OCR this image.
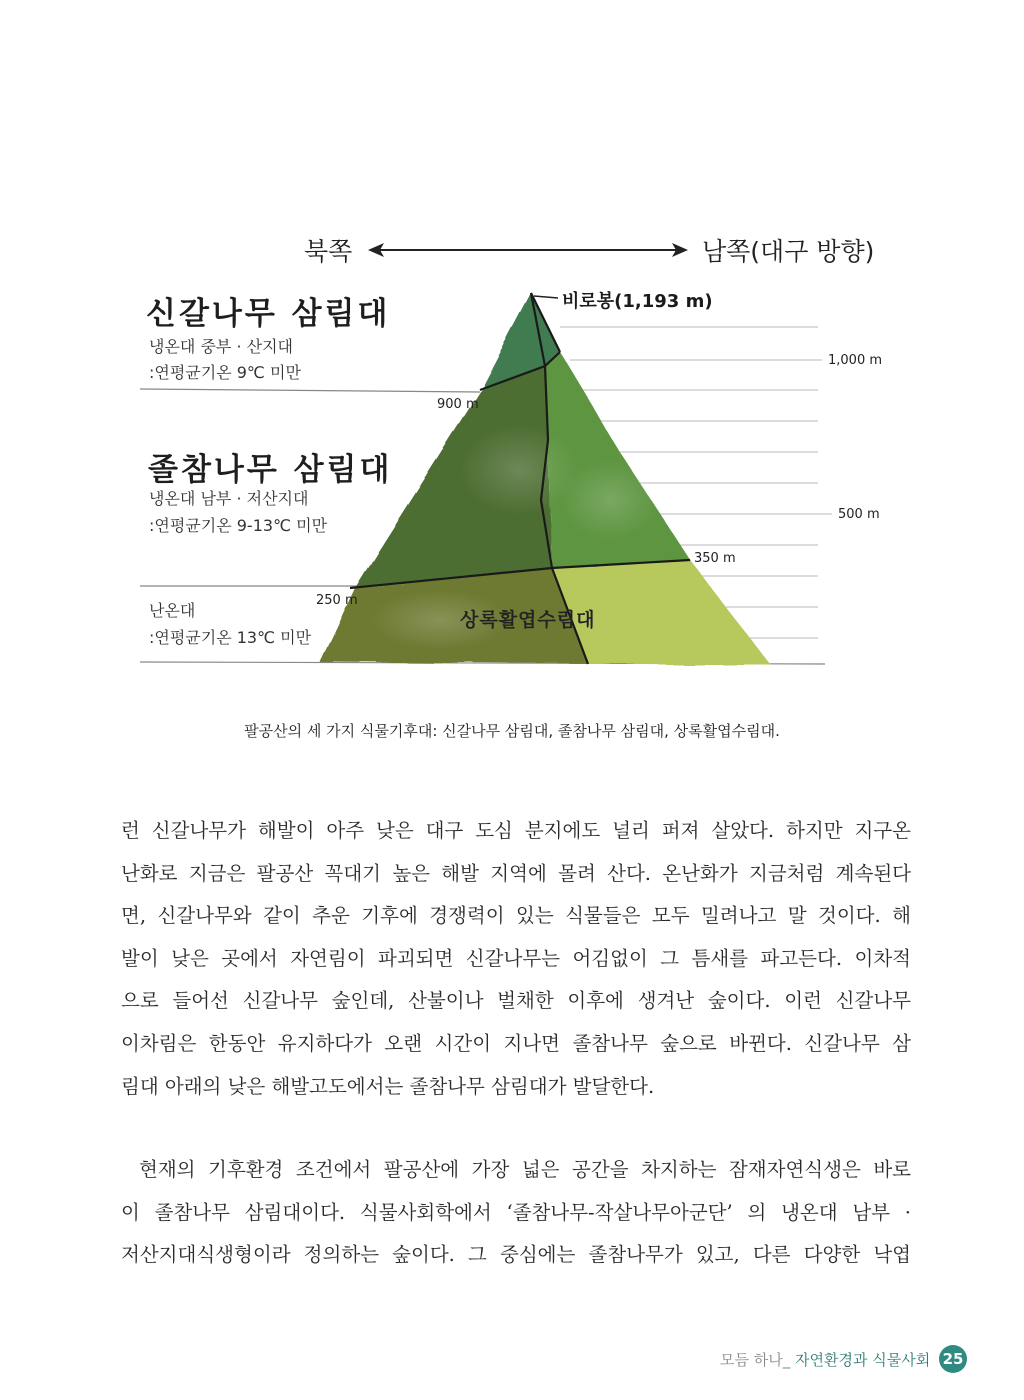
북쪽	남쪽(대구 방향)
신갈나무 삼림대
냉온대 중부 · 산지대
:연평균기온 9℃ 미만
졸참나무 삼림대
냉온대 남부 · 저산지대
:연평균기온 9-13℃ 미만
난온대
:연평균기온 13℃ 미만
비로봉(1,193 m)
1,000 m
500 m
900 m
350 m
250 m
상록활엽수림대
팔공산의 세 가지 식물기후대: 신갈나무 삼림대, 졸참나무 삼림대, 상록활엽수림대.
런 신갈나무가 해발이 아주 낮은 대구 도심 분지에도 널리 퍼져 살았다. 하지만 지구온
난화로 지금은 팔공산 꼭대기 높은 해발 지역에 몰려 산다. 온난화가 지금처럼 계속된다
면, 신갈나무와 같이 추운 기후에 경쟁력이 있는 식물들은 모두 밀려나고 말 것이다. 해
발이 낮은 곳에서 자연림이 파괴되면 신갈나무는 어김없이 그 틈새를 파고든다. 이차적
으로 들어선 신갈나무 숲인데, 산불이나 벌채한 이후에 생겨난 숲이다. 이런 신갈나무
이차림은 한동안 유지하다가 오랜 시간이 지나면 졸참나무 숲으로 바뀐다. 신갈나무 삼
림대 아래의 낮은 해발고도에서는 졸참나무 삼림대가 발달한다.
현재의 기후환경 조건에서 팔공산에 가장 넓은 공간을 차지하는 잠재자연식생은 바로
이 졸참나무 삼림대이다. 식물사회학에서 ‘졸참나무-작살나무아군단’ 의 냉온대 남부 ·
저산지대식생형이라 정의하는 숲이다. 그 중심에는 졸참나무가 있고, 다른 다양한 낙엽
모듬 하나_ 자연환경과 식물사회 25
